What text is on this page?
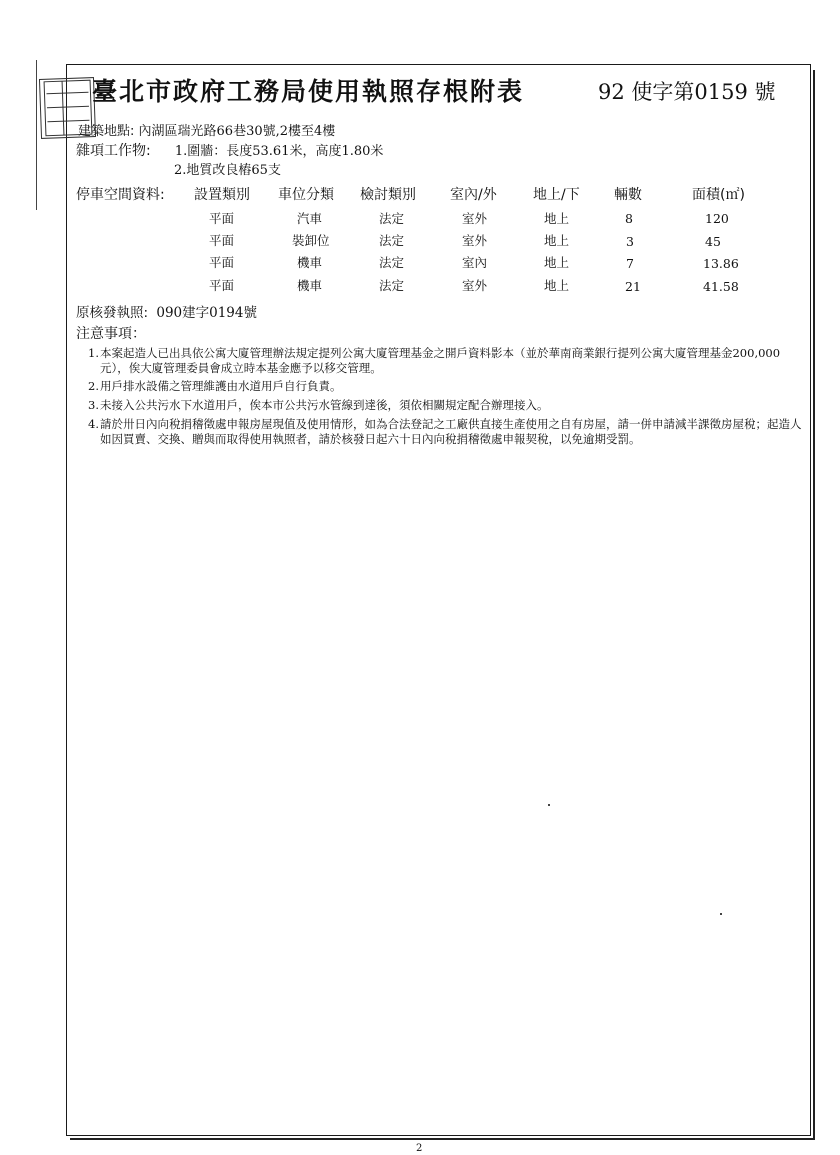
臺北市政府工務局使用執照存根附表	92 使字第0159 號
建築地點: 內湖區瑞光路66巷30號,2樓至4樓
雜項工作物: 1.圍牆：長度53.61米，高度1.80米
2.地質改良樁65支
停車空間資料: 設置類別 車位分類 檢討類別 室內/外	地上/下 輛數	面積(㎡)
平面	汽車	法定	室外	地上	8	120
平面	裝卸位	法定	室外	地上	3	45
平面	機車	法定	室內	地上	7	13.86
平面	機車	法定	室外	地上	21	41.58
原核發執照: 090建字0194號
注意事項：
1. 本案起造人已出具依公寓大廈管理辦法規定提列公寓大廈管理基金之開戶資料影本（並於華南商業銀行提列公寓大廈管理基金200,000元），俟大廈管理委員會成立時本基金應予以移交管理。
2. 用戶排水設備之管理維護由水道用戶自行負責。
3. 未接入公共污水下水道用戶，俟本市公共污水管線到達後，須依相關規定配合辦理接入。
4. 請於卅日內向稅捐稽徵處申報房屋現值及使用情形，如為合法登記之工廠供直接生產使用之自有房屋，請一併申請減半課徵房屋稅；起造人如因買賣、交換、贈與而取得使用執照者，請於核發日起六十日內向稅捐稽徵處申報契稅，以免逾期受罰。
2
